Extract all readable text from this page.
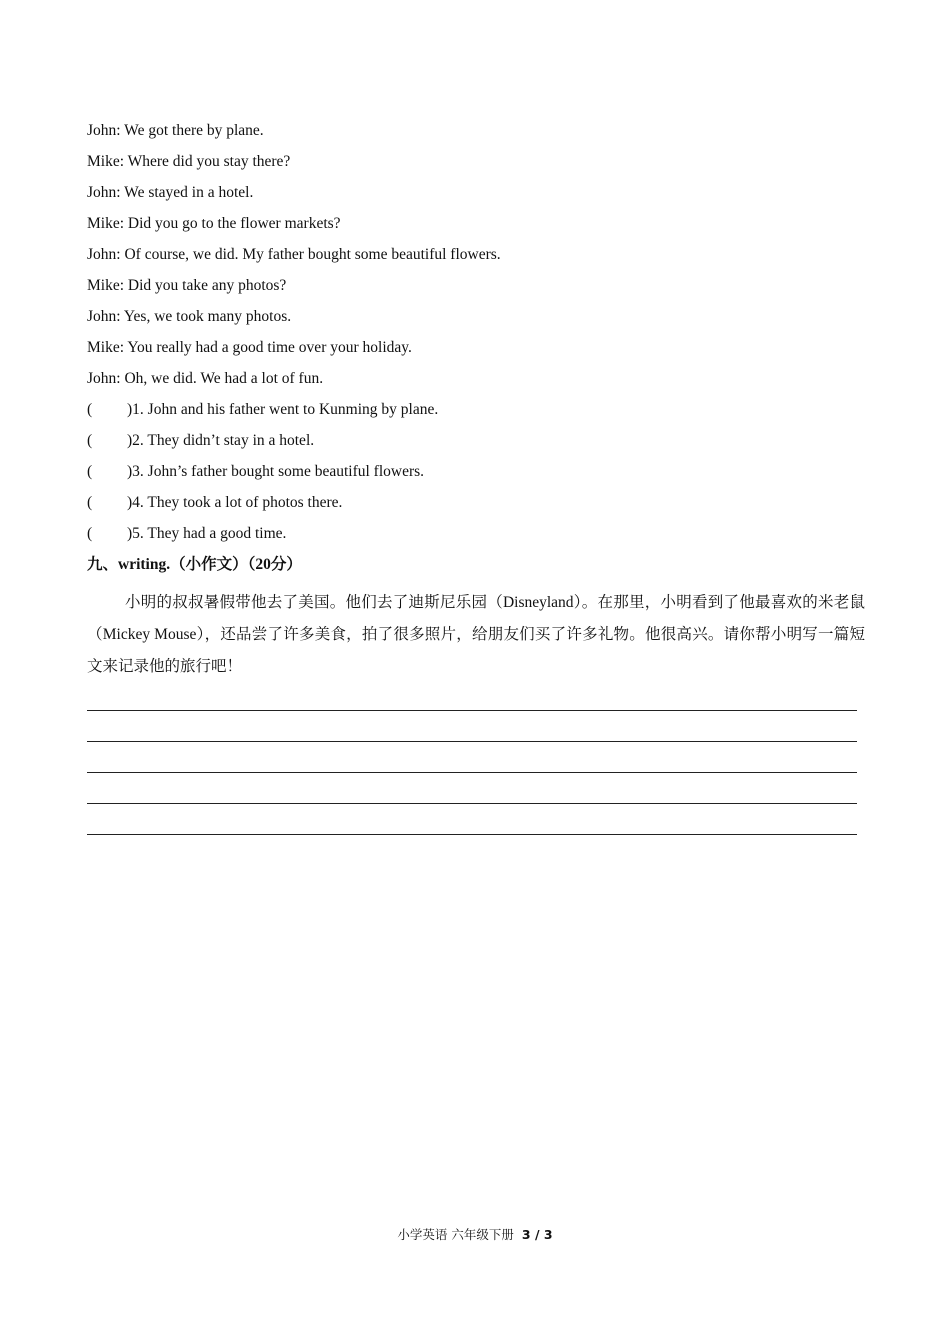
John: We got there by plane.
Mike: Where did you stay there?
John: We stayed in a hotel.
Mike: Did you go to the flower markets?
John: Of course, we did. My father bought some beautiful flowers.
Mike: Did you take any photos?
John: Yes, we took many photos.
Mike: You really had a good time over your holiday.
John: Oh, we did. We had a lot of fun.
(	)1. John and his father went to Kunming by plane.
(	)2. They didn’t stay in a hotel.
(	)3. John’s father bought some beautiful flowers.
(	)4. They took a lot of photos there.
(	)5. They had a good time.
九、writing.（小作文）（20分）
小明的叔叔暑假带他去了美国。他们去了迪斯尼乐园（Disneyland）。在那里，小明看到了他最喜欢的米老鼠（Mickey Mouse），还品尝了许多美食，拍了很多照片，给朋友们买了许多礼物。他很高兴。请你帮小明写一篇短文来记录他的旅行吧！
小学英语 六年级下册 3 / 3
